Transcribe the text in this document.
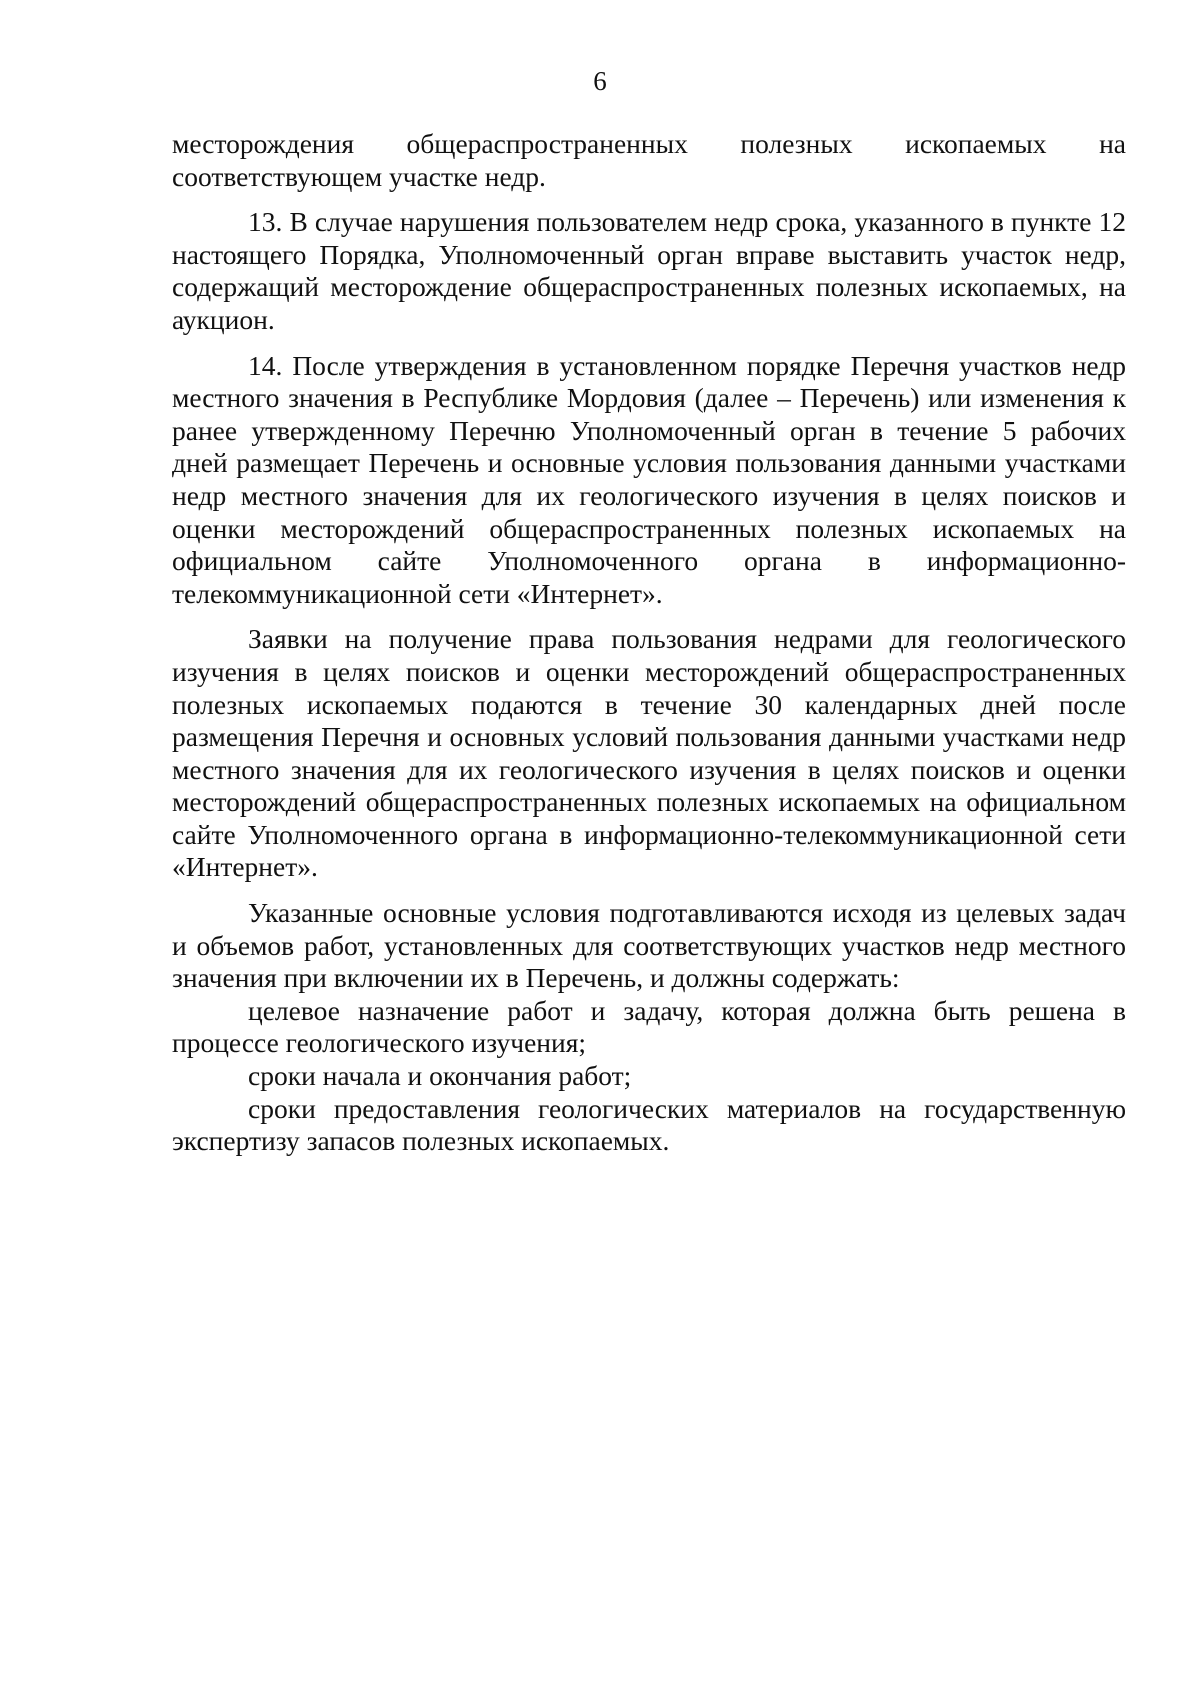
6

месторождения общераспространенных полезных ископаемых на соответствующем участке недр.

13. В случае нарушения пользователем недр срока, указанного в пункте 12 настоящего Порядка, Уполномоченный орган вправе выставить участок недр, содержащий месторождение общераспространенных полезных ископаемых, на аукцион.

14. После утверждения в установленном порядке Перечня участков недр местного значения в Республике Мордовия (далее – Перечень) или изменения к ранее утвержденному Перечню Уполномоченный орган в течение 5 рабочих дней размещает Перечень и основные условия пользования данными участками недр местного значения для их геологического изучения в целях поисков и оценки месторождений общераспространенных полезных ископаемых на официальном сайте Уполномоченного органа в информационно-телекоммуникационной сети «Интернет».

Заявки на получение права пользования недрами для геологического изучения в целях поисков и оценки месторождений общераспространенных полезных ископаемых подаются в течение 30 календарных дней после размещения Перечня и основных условий пользования данными участками недр местного значения для их геологического изучения в целях поисков и оценки месторождений общераспространенных полезных ископаемых на официальном сайте Уполномоченного органа в информационно-телекоммуникационной сети «Интернет».

Указанные основные условия подготавливаются исходя из целевых задач и объемов работ, установленных для соответствующих участков недр местного значения при включении их в Перечень, и должны содержать:

целевое назначение работ и задачу, которая должна быть решена в процессе геологического изучения;

сроки начала и окончания работ;

сроки предоставления геологических материалов на государственную экспертизу запасов полезных ископаемых.
